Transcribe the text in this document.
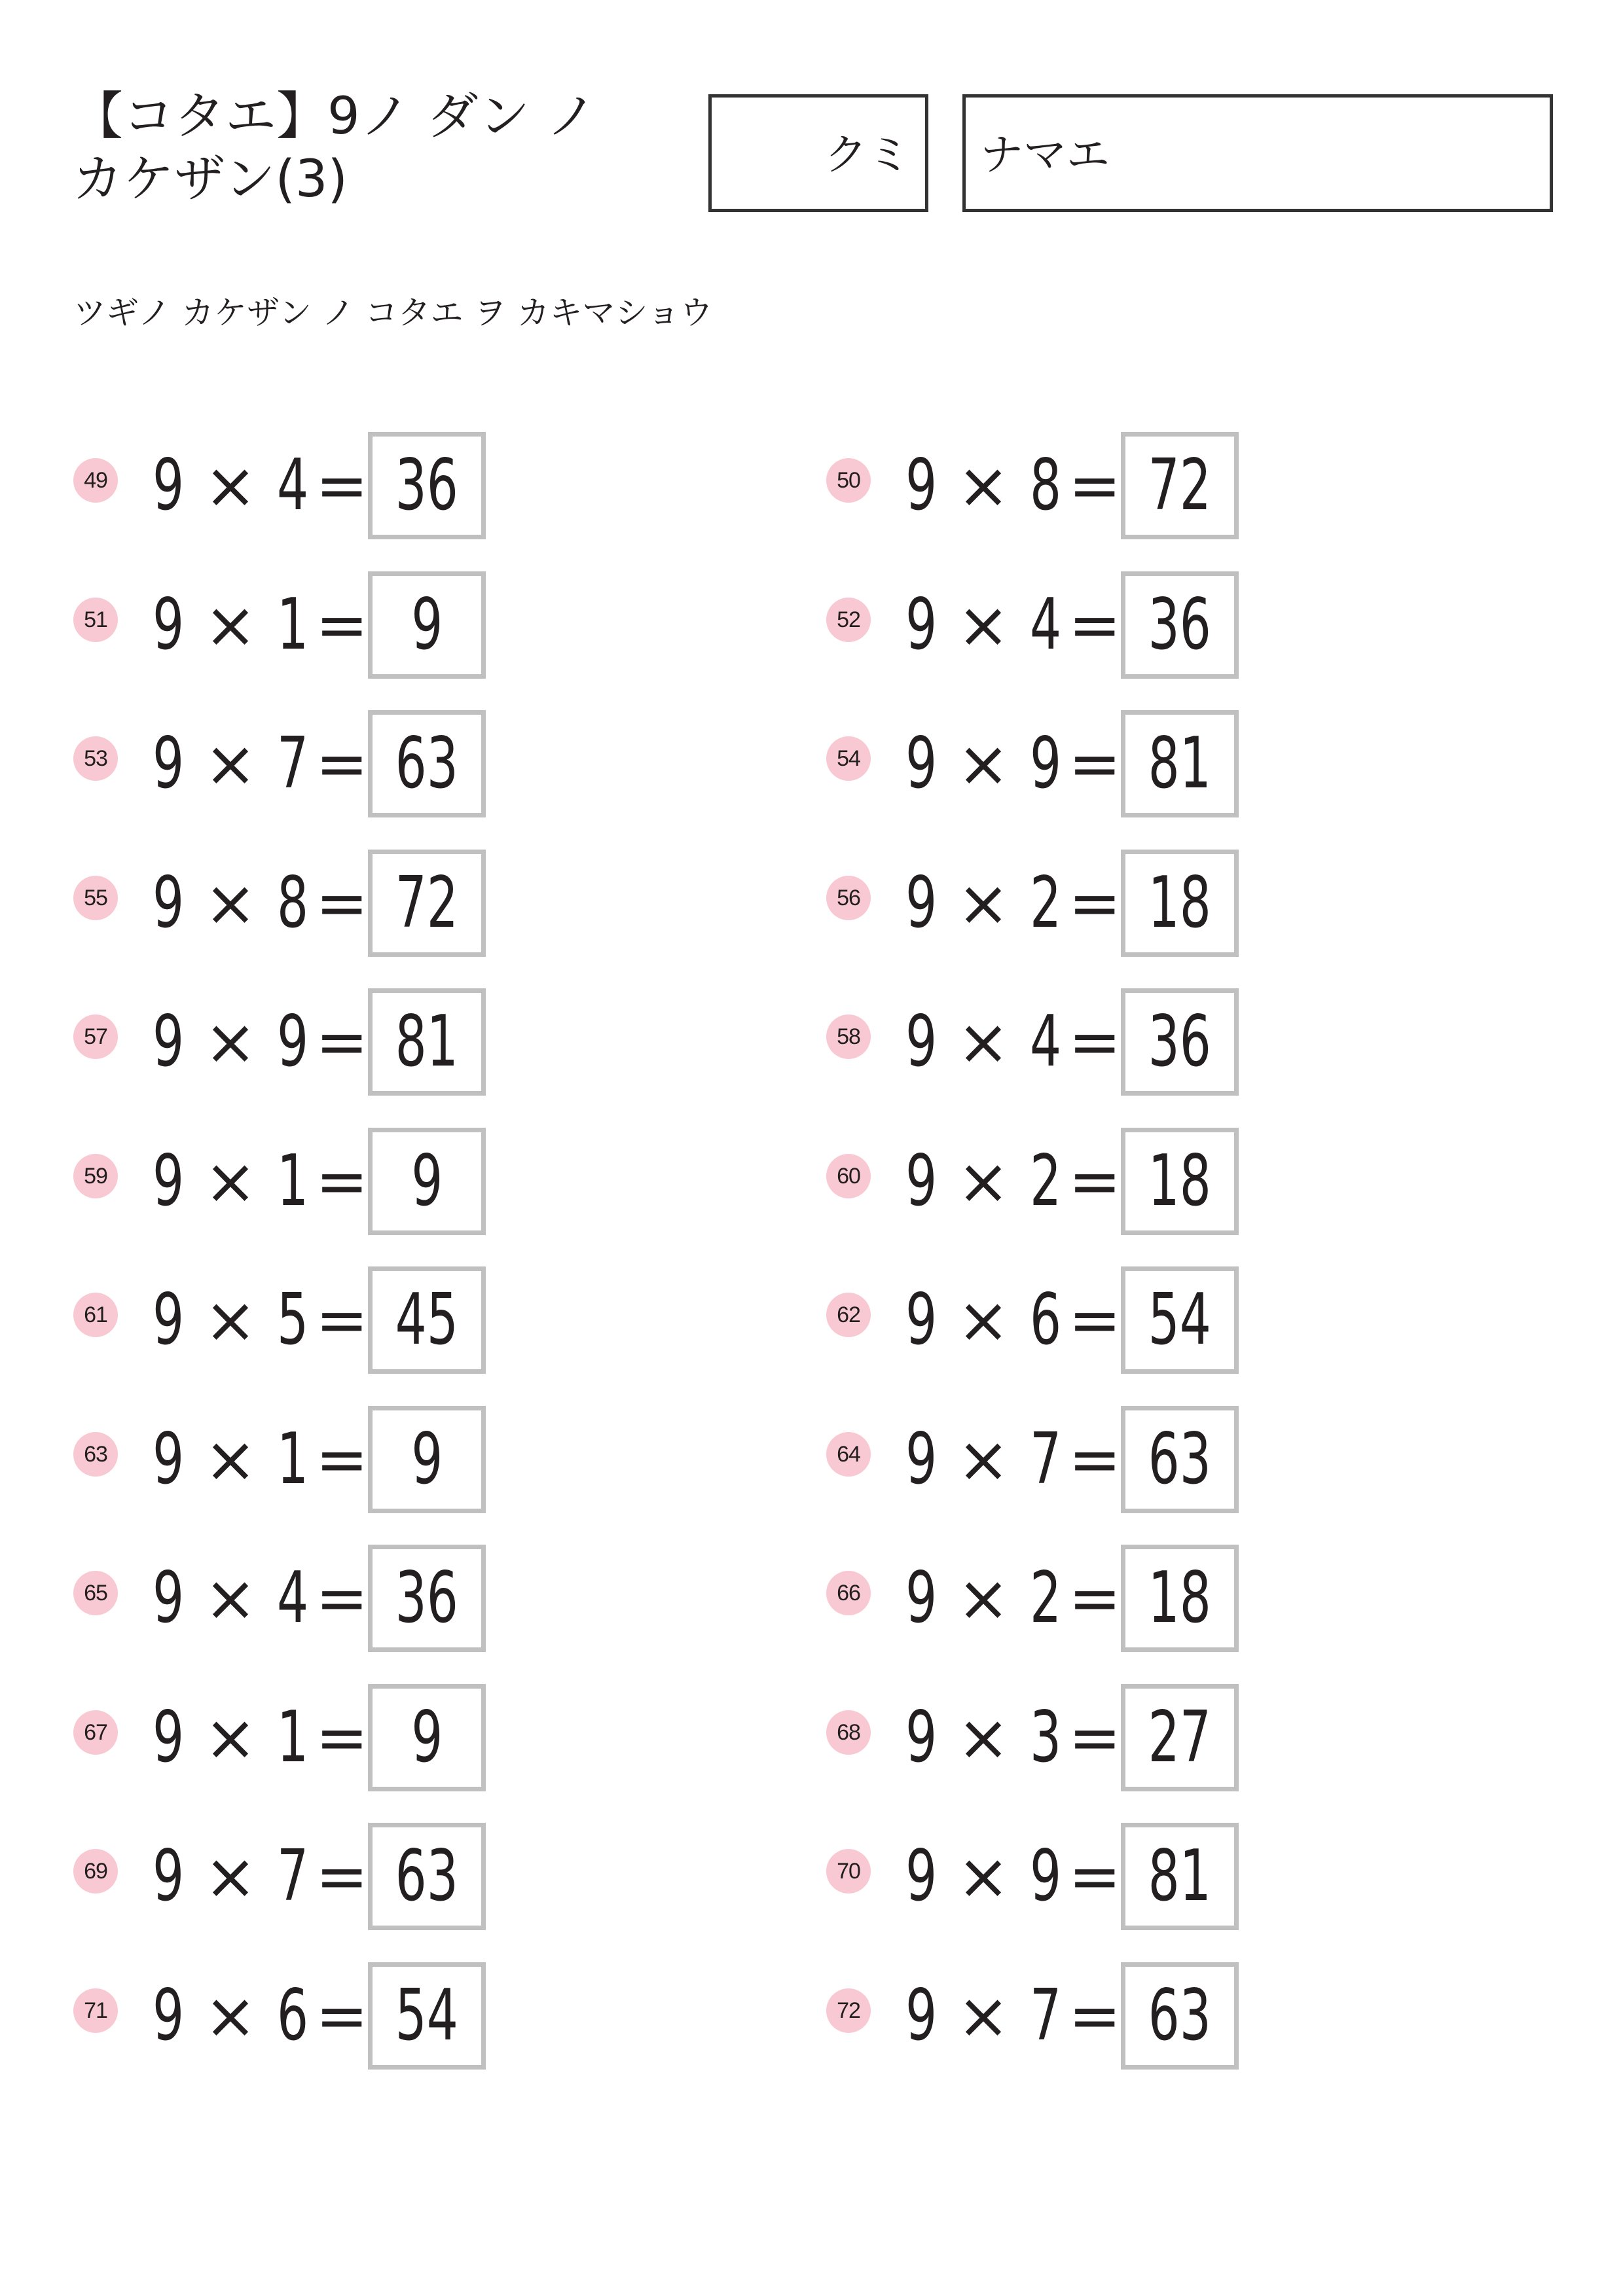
【コタエ】9ノ ダン ノ
カケザン(3)	クミ ナマエ
ツギノ カケザン ノ コタエ ヲ カキマショウ
49 9 × 4 = 36	50 9 × 8 = 72
51 9 × 1 = 9	52 9 × 4 = 36
53 9 × 7 = 63	54 9 × 9 = 81
55 9 × 8 = 72	56 9 × 2 = 18
57 9 × 9 = 81	58 9 × 4 = 36
59 9 × 1 = 9	60 9 × 2 = 18
61 9 × 5 = 45	62 9 × 6 = 54
63 9 × 1 = 9	64 9 × 7 = 63
65 9 × 4 = 36	66 9 × 2 = 18
67 9 × 1 = 9	68 9 × 3 = 27
69 9 × 7 = 63	70 9 × 9 = 81
71 9 × 6 = 54	72 9 × 7 = 63
